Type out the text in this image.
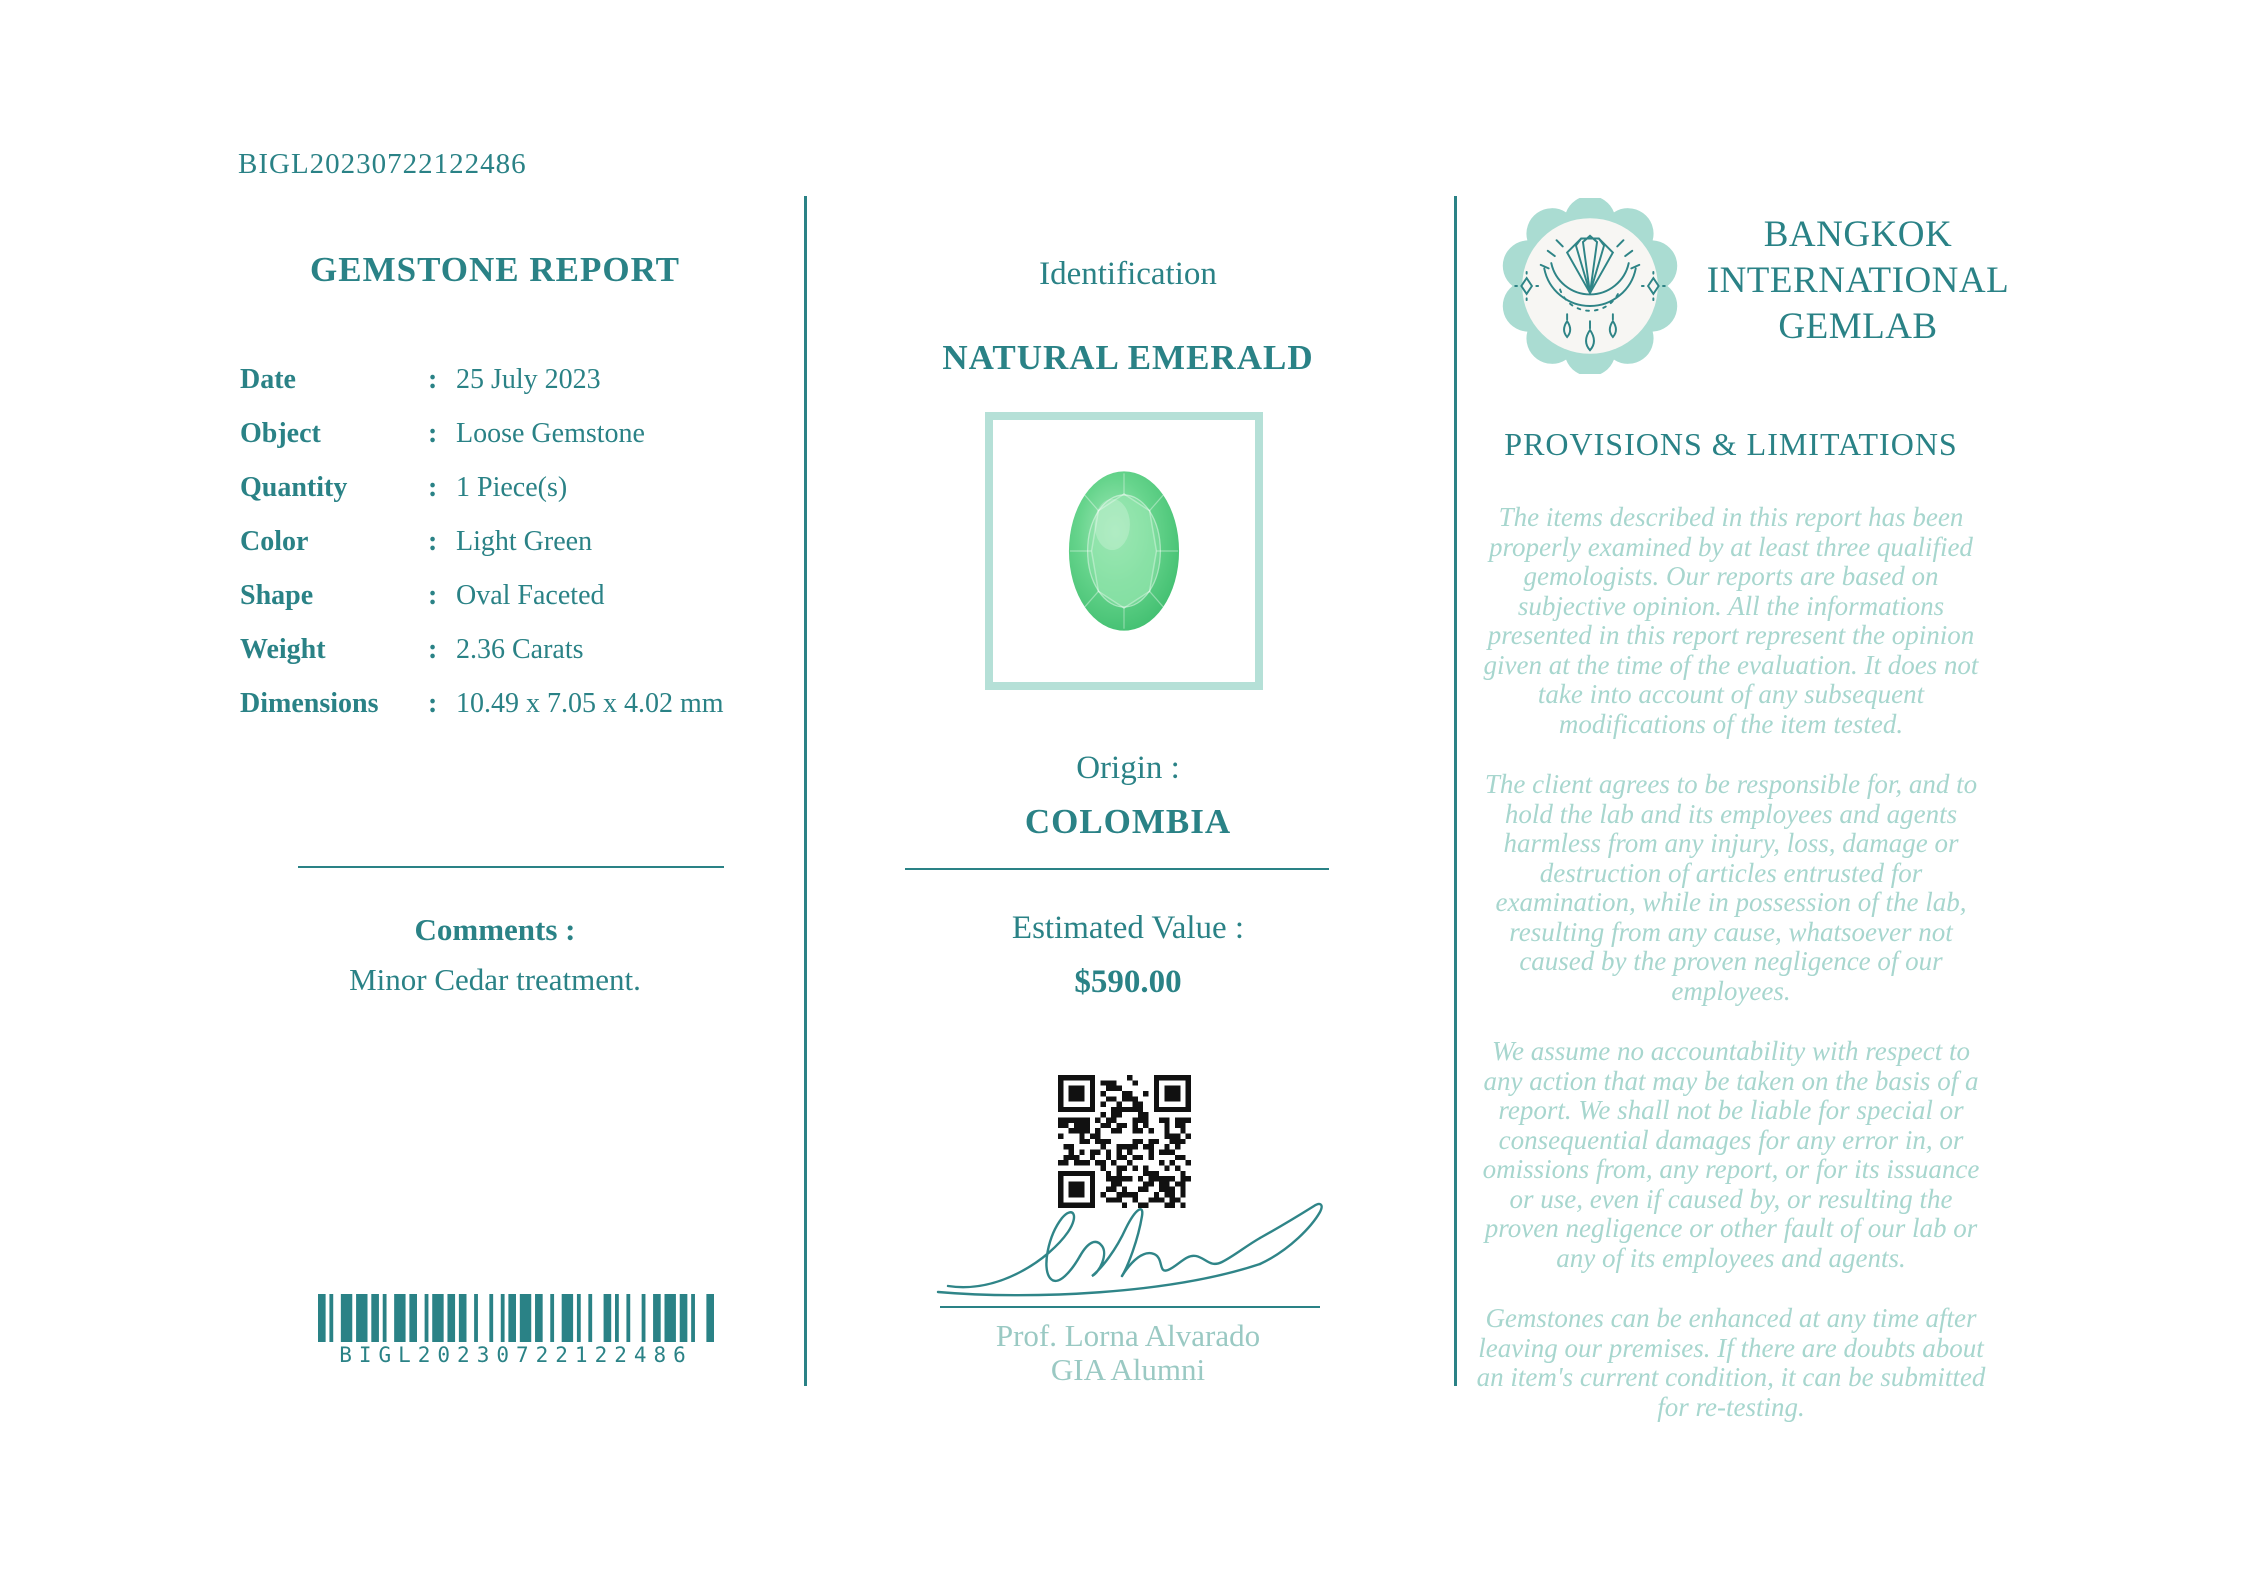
BIGL20230722122486
GEMSTONE REPORT
Date	: 25 July 2023
Object	: Loose Gemstone
Quantity	: 1 Piece(s)
Color	: Light Green
Shape	: Oval Faceted
Weight	: 2.36 Carats
Dimensions	: 10.49 x 7.05 x 4.02 mm
Comments :
Minor Cedar treatment.
BIGL20230722122486
Identification
NATURAL EMERALD
Origin :
COLOMBIA
Estimated Value :
$590.00
Prof. Lorna Alvarado
GIA Alumni
BANGKOK
INTERNATIONAL
GEMLAB
PROVISIONS & LIMITATIONS

The items described in this report has been properly examined by at least three qualified gemologists. Our reports are based on subjective opinion. All the informations presented in this report represent the opinion given at the time of the evaluation. It does not take into account of any subsequent modifications of the item tested.

The client agrees to be responsible for, and to hold the lab and its employees and agents harmless from any injury, loss, damage or destruction of articles entrusted for examination, while in possession of the lab, resulting from any cause, whatsoever not caused by the proven negligence of our employees.

We assume no accountability with respect to any action that may be taken on the basis of a report. We shall not be liable for special or consequential damages for any error in, or omissions from, any report, or for its issuance or use, even if caused by, or resulting the proven negligence or other fault of our lab or any of its employees and agents.

Gemstones can be enhanced at any time after leaving our premises. If there are doubts about an item's current condition, it can be submitted for re-testing.
